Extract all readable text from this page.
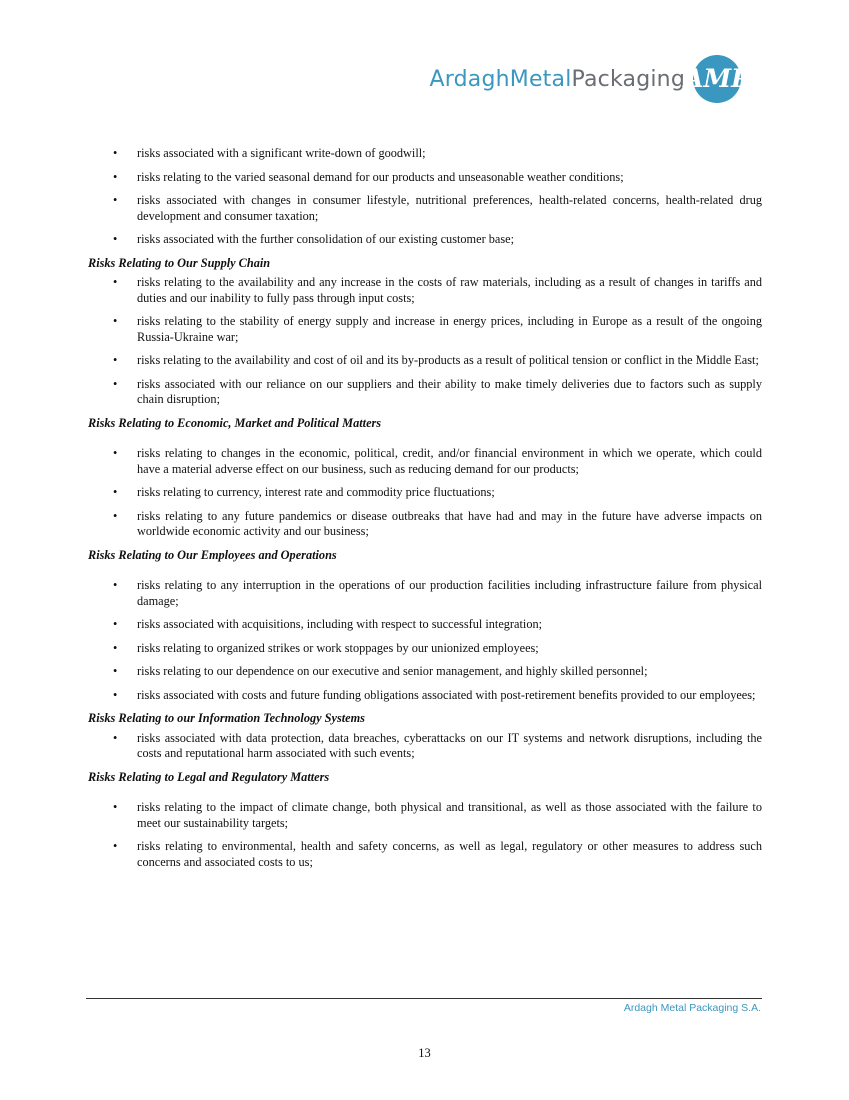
ArdaghMetalPackaging AMP
• risks associated with a significant write-down of goodwill;
• risks relating to the varied seasonal demand for our products and unseasonable weather conditions;
• risks associated with changes in consumer lifestyle, nutritional preferences, health-related concerns, health-related drug development and consumer taxation;
• risks associated with the further consolidation of our existing customer base;
Risks Relating to Our Supply Chain
• risks relating to the availability and any increase in the costs of raw materials, including as a result of changes in tariffs and duties and our inability to fully pass through input costs;
• risks relating to the stability of energy supply and increase in energy prices, including in Europe as a result of the ongoing Russia-Ukraine war;
• risks relating to the availability and cost of oil and its by-products as a result of political tension or conflict in the Middle East;
• risks associated with our reliance on our suppliers and their ability to make timely deliveries due to factors such as supply chain disruption;
Risks Relating to Economic, Market and Political Matters
• risks relating to changes in the economic, political, credit, and/or financial environment in which we operate, which could have a material adverse effect on our business, such as reducing demand for our products;
• risks relating to currency, interest rate and commodity price fluctuations;
• risks relating to any future pandemics or disease outbreaks that have had and may in the future have adverse impacts on worldwide economic activity and our business;
Risks Relating to Our Employees and Operations
• risks relating to any interruption in the operations of our production facilities including infrastructure failure from physical damage;
• risks associated with acquisitions, including with respect to successful integration;
• risks relating to organized strikes or work stoppages by our unionized employees;
• risks relating to our dependence on our executive and senior management, and highly skilled personnel;
• risks associated with costs and future funding obligations associated with post-retirement benefits provided to our employees;
Risks Relating to our Information Technology Systems
• risks associated with data protection, data breaches, cyberattacks on our IT systems and network disruptions, including the costs and reputational harm associated with such events;
Risks Relating to Legal and Regulatory Matters
• risks relating to the impact of climate change, both physical and transitional, as well as those associated with the failure to meet our sustainability targets;
• risks relating to environmental, health and safety concerns, as well as legal, regulatory or other measures to address such concerns and associated costs to us;
Ardagh Metal Packaging S.A.
13
